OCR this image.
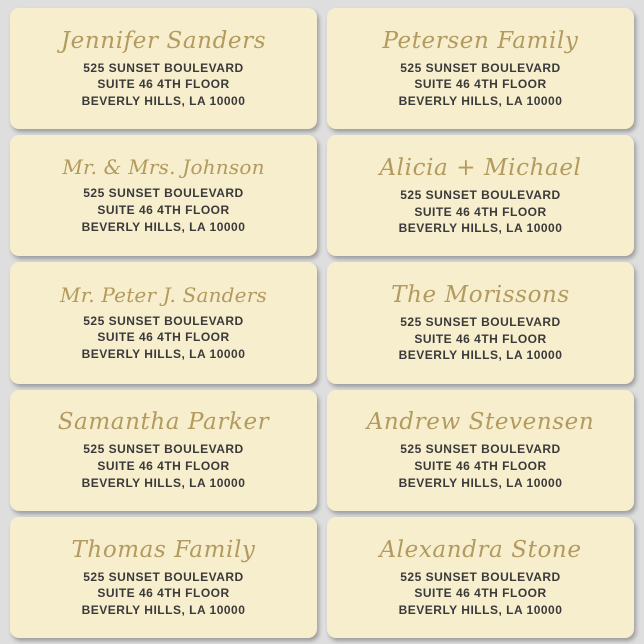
Jennifer Sanders
525 SUNSET BOULEVARD
SUITE 46 4TH FLOOR
BEVERLY HILLS, LA 10000
Petersen Family
525 SUNSET BOULEVARD
SUITE 46 4TH FLOOR
BEVERLY HILLS, LA 10000
Mr. & Mrs. Johnson
525 SUNSET BOULEVARD
SUITE 46 4TH FLOOR
BEVERLY HILLS, LA 10000
Alicia + Michael
525 SUNSET BOULEVARD
SUITE 46 4TH FLOOR
BEVERLY HILLS, LA 10000
Mr. Peter J. Sanders
525 SUNSET BOULEVARD
SUITE 46 4TH FLOOR
BEVERLY HILLS, LA 10000
The Morissons
525 SUNSET BOULEVARD
SUITE 46 4TH FLOOR
BEVERLY HILLS, LA 10000
Samantha Parker
525 SUNSET BOULEVARD
SUITE 46 4TH FLOOR
BEVERLY HILLS, LA 10000
Andrew Stevensen
525 SUNSET BOULEVARD
SUITE 46 4TH FLOOR
BEVERLY HILLS, LA 10000
Thomas Family
525 SUNSET BOULEVARD
SUITE 46 4TH FLOOR
BEVERLY HILLS, LA 10000
Alexandra Stone
525 SUNSET BOULEVARD
SUITE 46 4TH FLOOR
BEVERLY HILLS, LA 10000
